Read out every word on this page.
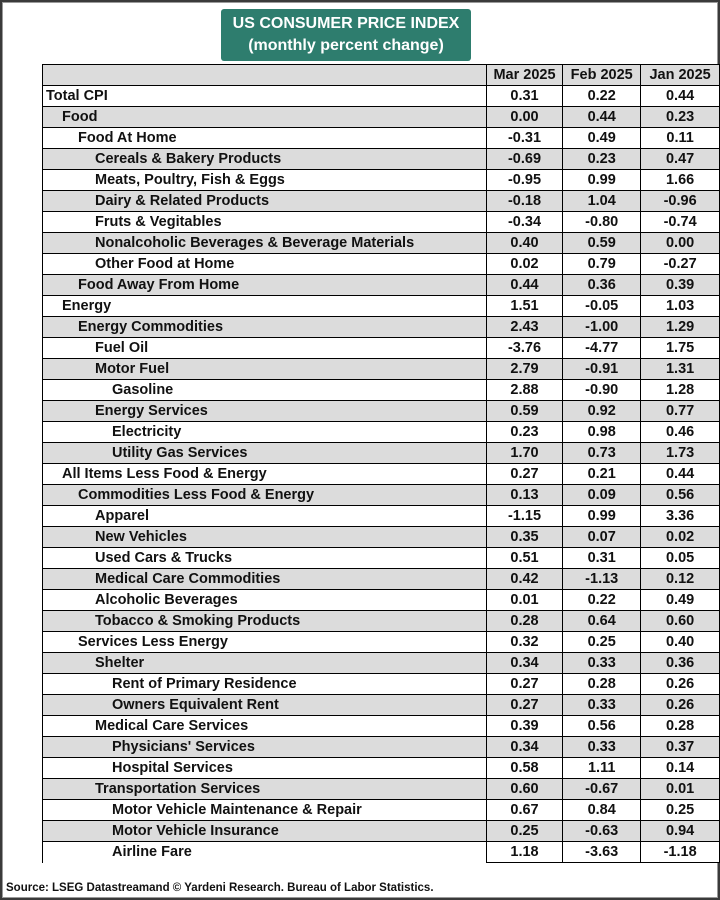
US CONSUMER PRICE INDEX
(monthly percent change)
	Mar 2025	Feb 2025	Jan 2025
Total CPI	0.31	0.22	0.44
Food	0.00	0.44	0.23
Food At Home	-0.31	0.49	0.11
Cereals & Bakery Products	-0.69	0.23	0.47
Meats, Poultry, Fish & Eggs	-0.95	0.99	1.66
Dairy & Related Products	-0.18	1.04	-0.96
Fruts & Vegitables	-0.34	-0.80	-0.74
Nonalcoholic Beverages & Beverage Materials	0.40	0.59	0.00
Other Food at Home	0.02	0.79	-0.27
Food Away From Home	0.44	0.36	0.39
Energy	1.51	-0.05	1.03
Energy Commodities	2.43	-1.00	1.29
Fuel Oil	-3.76	-4.77	1.75
Motor Fuel	2.79	-0.91	1.31
Gasoline	2.88	-0.90	1.28
Energy Services	0.59	0.92	0.77
Electricity	0.23	0.98	0.46
Utility Gas Services	1.70	0.73	1.73
All Items Less Food & Energy	0.27	0.21	0.44
Commodities Less Food & Energy	0.13	0.09	0.56
Apparel	-1.15	0.99	3.36
New Vehicles	0.35	0.07	0.02
Used Cars & Trucks	0.51	0.31	0.05
Medical Care Commodities	0.42	-1.13	0.12
Alcoholic Beverages	0.01	0.22	0.49
Tobacco & Smoking Products	0.28	0.64	0.60
Services Less Energy	0.32	0.25	0.40
Shelter	0.34	0.33	0.36
Rent of Primary Residence	0.27	0.28	0.26
Owners Equivalent Rent	0.27	0.33	0.26
Medical Care Services	0.39	0.56	0.28
Physicians' Services	0.34	0.33	0.37
Hospital Services	0.58	1.11	0.14
Transportation Services	0.60	-0.67	0.01
Motor Vehicle Maintenance & Repair	0.67	0.84	0.25
Motor Vehicle Insurance	0.25	-0.63	0.94
Airline Fare	1.18	-3.63	-1.18
Source: LSEG Datastreamand © Yardeni Research. Bureau of Labor Statistics.
